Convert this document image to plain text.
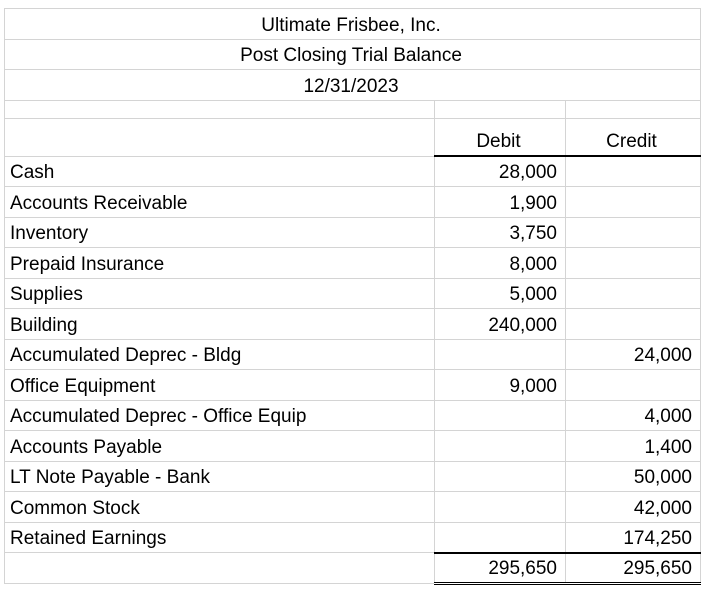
Ultimate Frisbee, Inc.		
Post Closing Trial Balance		
12/31/2023		

	Debit	Credit
Cash	28,000	
Accounts Receivable	1,900	
Inventory	3,750	
Prepaid Insurance	8,000	
Supplies	5,000	
Building	240,000	
Accumulated Deprec - Bldg		24,000
Office Equipment	9,000	
Accumulated Deprec - Office Equip		4,000
Accounts Payable		1,400
LT Note Payable - Bank		50,000
Common Stock		42,000
Retained Earnings		174,250
	295,650	295,650
